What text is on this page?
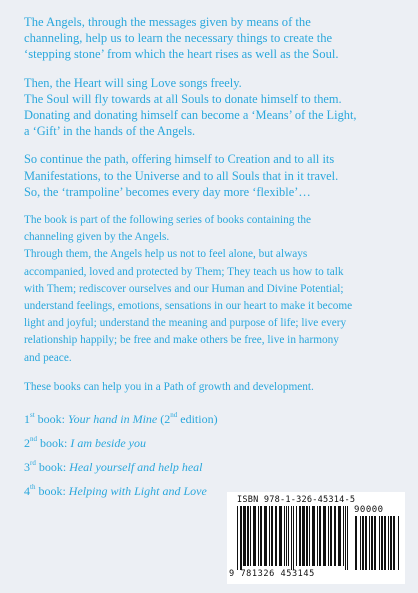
The Angels, through the messages given by means of the
channeling, help us to learn the necessary things to create the
‘stepping stone’ from which the heart rises as well as the Soul.

Then, the Heart will sing Love songs freely.
The Soul will fly towards at all Souls to donate himself to them.
Donating and donating himself can become a ‘Means’ of the Light,
a ‘Gift’ in the hands of the Angels.

So continue the path, offering himself to Creation and to all its
Manifestations, to the Universe and to all Souls that in it travel.
So, the ‘trampoline’ becomes every day more ‘flexible’…

The book is part of the following series of books containing the
channeling given by the Angels.
Through them, the Angels help us not to feel alone, but always
accompanied, loved and protected by Them; They teach us how to talk
with Them; rediscover ourselves and our Human and Divine Potential;
understand feelings, emotions, sensations in our heart to make it become
light and joyful; understand the meaning and purpose of life; live every
relationship happily; be free and make others be free, live in harmony
and peace.

These books can help you in a Path of growth and development.

1st book: Your hand in Mine (2nd edition)
2nd book: I am beside you
3rd book: Heal yourself and help heal
4th book: Helping with Light and Love
ISBN 978-1-326-45314-5
90000
9 781326 453145
